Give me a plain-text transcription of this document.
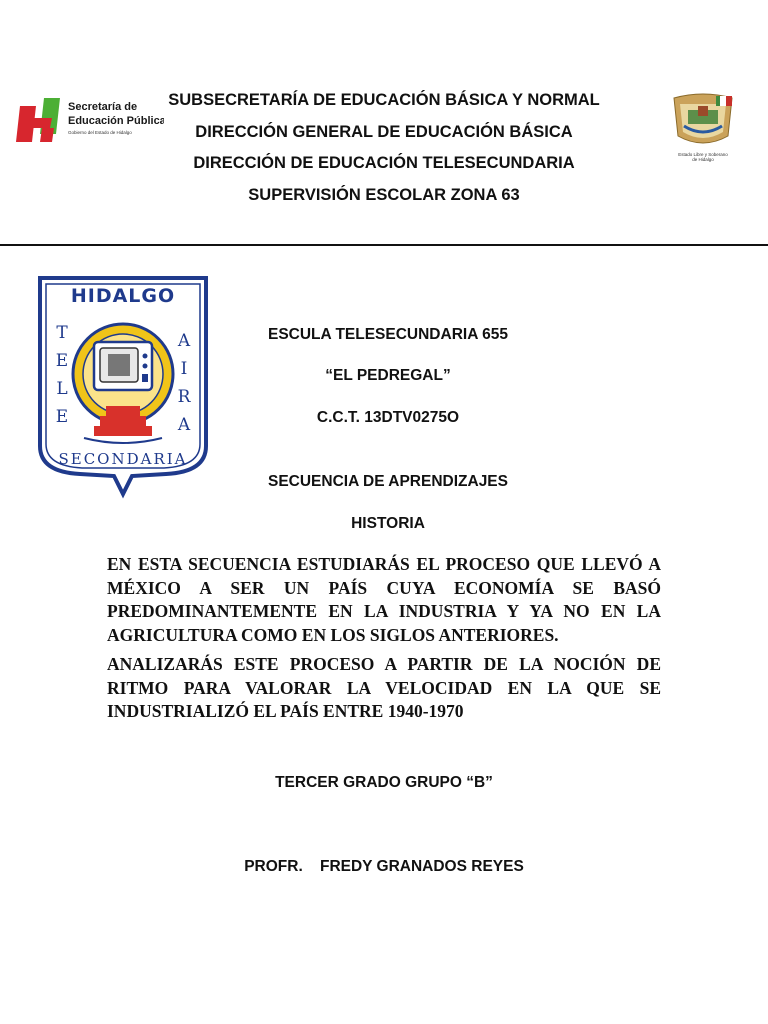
Secretaría de
Educación Pública
Gobierno del Estado de Hidalgo
SUBSECRETARÍA DE EDUCACIÓN BÁSICA Y NORMAL
DIRECCIÓN GENERAL DE EDUCACIÓN BÁSICA
DIRECCIÓN DE EDUCACIÓN TELESECUNDARIA
SUPERVISIÓN ESCOLAR ZONA 63
Estado Libre y Soberano
de Hidalgo
HIDALGO
T
E
L
E
A
I
R
A
SECONDARIA
ESCULA TELESECUNDARIA 655
“EL PEDREGAL”
C.C.T. 13DTV0275O
SECUENCIA DE APRENDIZAJES
HISTORIA
EN ESTA SECUENCIA ESTUDIARÁS EL PROCESO QUE LLEVÓ A MÉXICO A SER UN PAÍS CUYA ECONOMÍA SE BASÓ PREDOMINANTEMENTE EN LA INDUSTRIA Y YA NO EN LA AGRICULTURA COMO EN LOS SIGLOS ANTERIORES.
ANALIZARÁS ESTE PROCESO A PARTIR DE LA NOCIÓN DE RITMO PARA VALORAR LA VELOCIDAD EN LA QUE SE INDUSTRIALIZÓ EL PAÍS ENTRE 1940-1970
TERCER GRADO GRUPO “B”
PROFR.    FREDY GRANADOS REYES
